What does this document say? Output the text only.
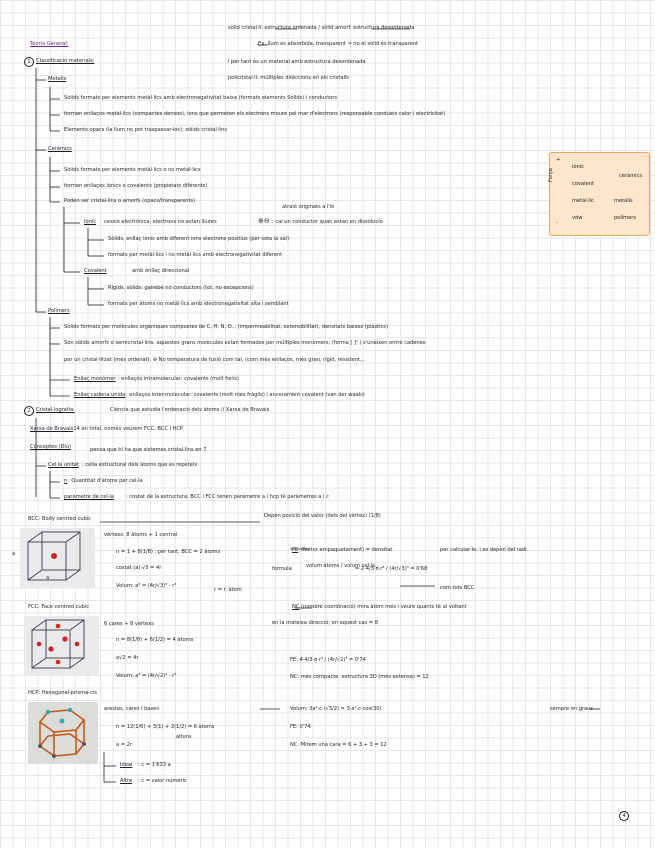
sòlid cristal·lí: estructura ordenada / sòlid amorf: estructura desordenada
Ex: llum es absorbida, transparent ⇒ no el sòlid és transparent
i per tant és un material amb estructura desordenada
policristal·lí: múltiples direccions en els cristalls
Teoria General:
1	Classificació materials:
Metalls
Sòlids formats per elements metàl·lics amb electronegativitat baixa (formats elements Sòlids) i conductors
formen enllaços metàl·lics (compactes densos), ions que permeten els electrons moure pel mar d'electrons (responsable condueix calor i electricitat)
Elements opacs (la llum no pot traspassar-los); sòlids cristal·lins
Ceràmics
Sòlids formats per elements metàl·lics o no metàl·lics
formen enllaços iònics o covalents (propietats diferents)
Poden ser cristal·lins o amorfs (opacs/transparents)
Iònic cessió electrònica, electrons no estan lliures
atraió originats a l'ió
⊕⊖ ; cal un conductor quan estan en dissolució
Sòlids, enllaç iònic amb diferent ions electrons positius (per sota la sal)
formats per metàl·lics i no metàl·lics amb electronegativitat diferent
Covalent	amb enllaç direccional
Rígids, sòlids: gairebé no conductors (tot, no excepcions)
formats per àtoms no metàl·lics amb electronegativitat alta i semblant
Polímers
Sòlids formats per molècules orgàniques compostes de C, H, N, O... (impermeabilitat, extensibilitat), densitats baixes (plàstics)
Són sòlids amorfs o semicristal·lins, aquestes grans molècules estan formades per múltiples monòmers; (forma [ ]ⁿ ) s'uneixen entre cadenes
per un cristal·litzat (més ordenat). ⊕ No temperatura de fusió com tal, (com més enllaços, més gran, rígid, resistent...
Enllaç monòmer : enllaços intramolecular: covalents (molt forts)
Enllaç cadena unida : enllaços inter-molecular: covalents (molt més fràgils) i ancorament covalent (van der waals)
2	Cristal·lografia:	Ciència que estudia l'ordenació dels àtoms // Xarxa de Bravais
Xarxa de Bravais
: 14 en total, només veurem FCC, BCC i HCP
Conceptes (Diu)	pensa que hi ha que sistemes cristal·lins en 7
Cel·la unitat : cella estructural dels àtoms que es repeteix
n : Quantitat d'àtoms per cel·la
paràmetre de cel·la : costat de la estructura; BCC i FCC tenen paràmetre a i hcp té paràmetres a i c
BCC: Body centred cubic	Depèn posició del valor (dels del vèrtex) (1/8)
a
a
vèrtexs: 8 àtoms + 1 central
n = 1 + 8(1/8) ; per tant, BCC = 2 àtoms
costat (a)·√3 = 4r
Volum: a³ = (4r/√3)³ · r³
r = r. àtom
FE (factor empaquetament) = densitat	per calcular-lo: i es depèn del radi
fórmula: volum àtoms / volum cel·la
= 2·4/3·π·r³ / (4r/√3)³ = 0'68
com tots BCC
FCC: Face centred cubic
6 cares + 8 vèrtexs
n = 8(1/8) + 6(1/2) = 4 àtoms
a√2 = 4r
Volum: a³ = (4r/√2)³ · r³
NC (nombre coordinació) mira àtom més i veure quants té al voltant
en la mateixa direcció; en aquest cas = 8
FE: 4·4/3·π·r³ / (4r/√2)³ = 0'74
NC: més compacte, estructura 3D (més extensa) = 12
HCP: Hexagonal-prisma-cis
arestes, cares i bases
n = 12(1/6) + 3(1) + 2(1/2) = 6 àtoms
a = 2r
altura
Ideal : c = 1'633 a
Altre : c = valor numèric
Volum: 3a²·c·(√3/2) = 3·a²·c·cos(30)	sempre en graus
FE: 0'74
NC: Mirem una cara = 6 + 3 + 3 = 12
Força
+
-
iònic
covalent
metàl·lic
vdw
ceràmics
metalls
polímers
4
